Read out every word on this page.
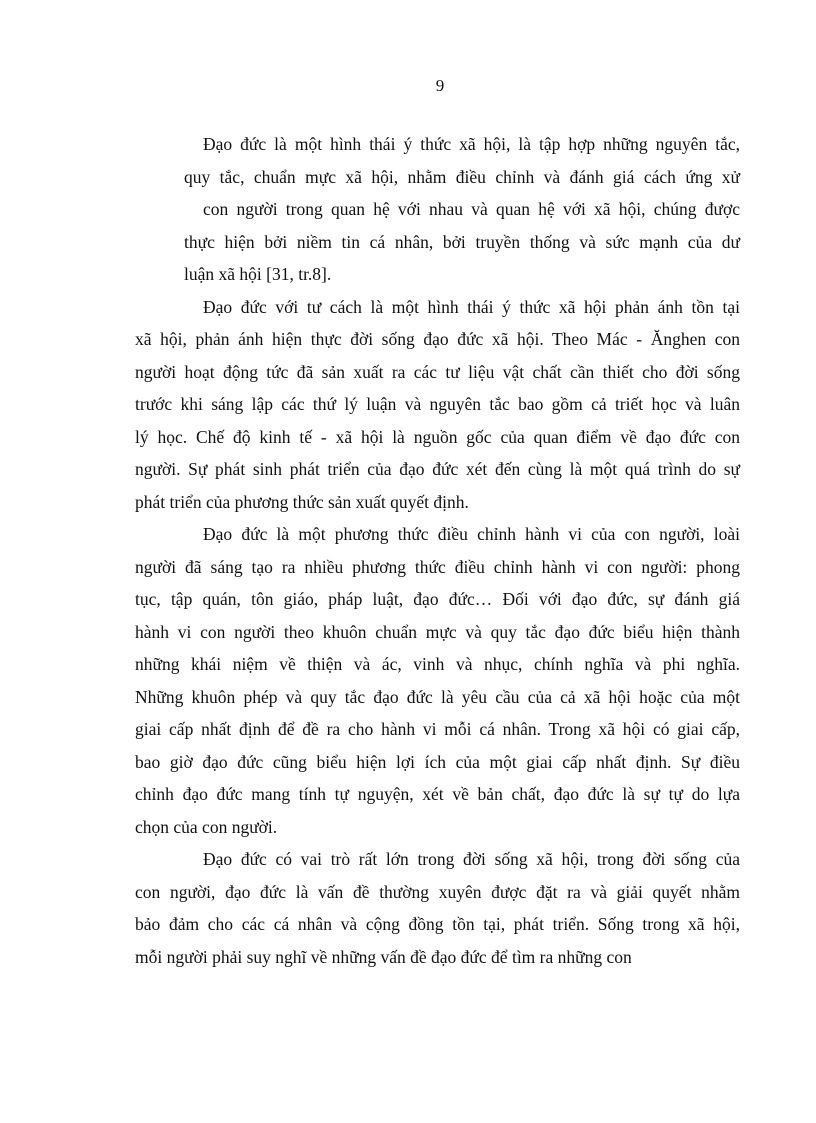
9
Đạo đức là một hình thái ý thức xã hội, là tập hợp những nguyên tắc,
quy tắc, chuẩn mực xã hội, nhằm điều chỉnh và đánh giá cách ứng xử
con người trong quan hệ với nhau và quan hệ với xã hội, chúng được
thực hiện bởi niềm tin cá nhân, bởi truyền thống và sức mạnh của dư
luận xã hội [31, tr.8].
Đạo đức với tư cách là một hình thái ý thức xã hội phản ánh tồn tại
xã hội, phản ánh hiện thực đời sống đạo đức xã hội. Theo Mác - Ănghen con
người hoạt động tức đã sản xuất ra các tư liệu vật chất cần thiết cho đời sống
trước khi sáng lập các thứ lý luận và nguyên tắc bao gồm cả triết học và luân
lý học. Chế độ kinh tế - xã hội là nguồn gốc của quan điểm về đạo đức con
người. Sự phát sinh phát triển của đạo đức xét đến cùng là một quá trình do sự
phát triển của phương thức sản xuất quyết định.
Đạo đức là một phương thức điều chỉnh hành vi của con người, loài
người đã sáng tạo ra nhiều phương thức điều chỉnh hành vi con người: phong
tục, tập quán, tôn giáo, pháp luật, đạo đức… Đối với đạo đức, sự đánh giá
hành vi con người theo khuôn chuẩn mực và quy tắc đạo đức biểu hiện thành
những khái niệm về thiện và ác, vinh và nhục, chính nghĩa và phi nghĩa.
Những khuôn phép và quy tắc đạo đức là yêu cầu của cả xã hội hoặc của một
giai cấp nhất định để đề ra cho hành vi mỗi cá nhân. Trong xã hội có giai cấp,
bao giờ đạo đức cũng biểu hiện lợi ích của một giai cấp nhất định. Sự điều
chỉnh đạo đức mang tính tự nguyện, xét về bản chất, đạo đức là sự tự do lựa
chọn của con người.
Đạo đức có vai trò rất lớn trong đời sống xã hội, trong đời sống của
con người, đạo đức là vấn đề thường xuyên được đặt ra và giải quyết nhằm
bảo đảm cho các cá nhân và cộng đồng tồn tại, phát triển. Sống trong xã hội,
mỗi người phải suy nghĩ về những vấn đề đạo đức để tìm ra những con
